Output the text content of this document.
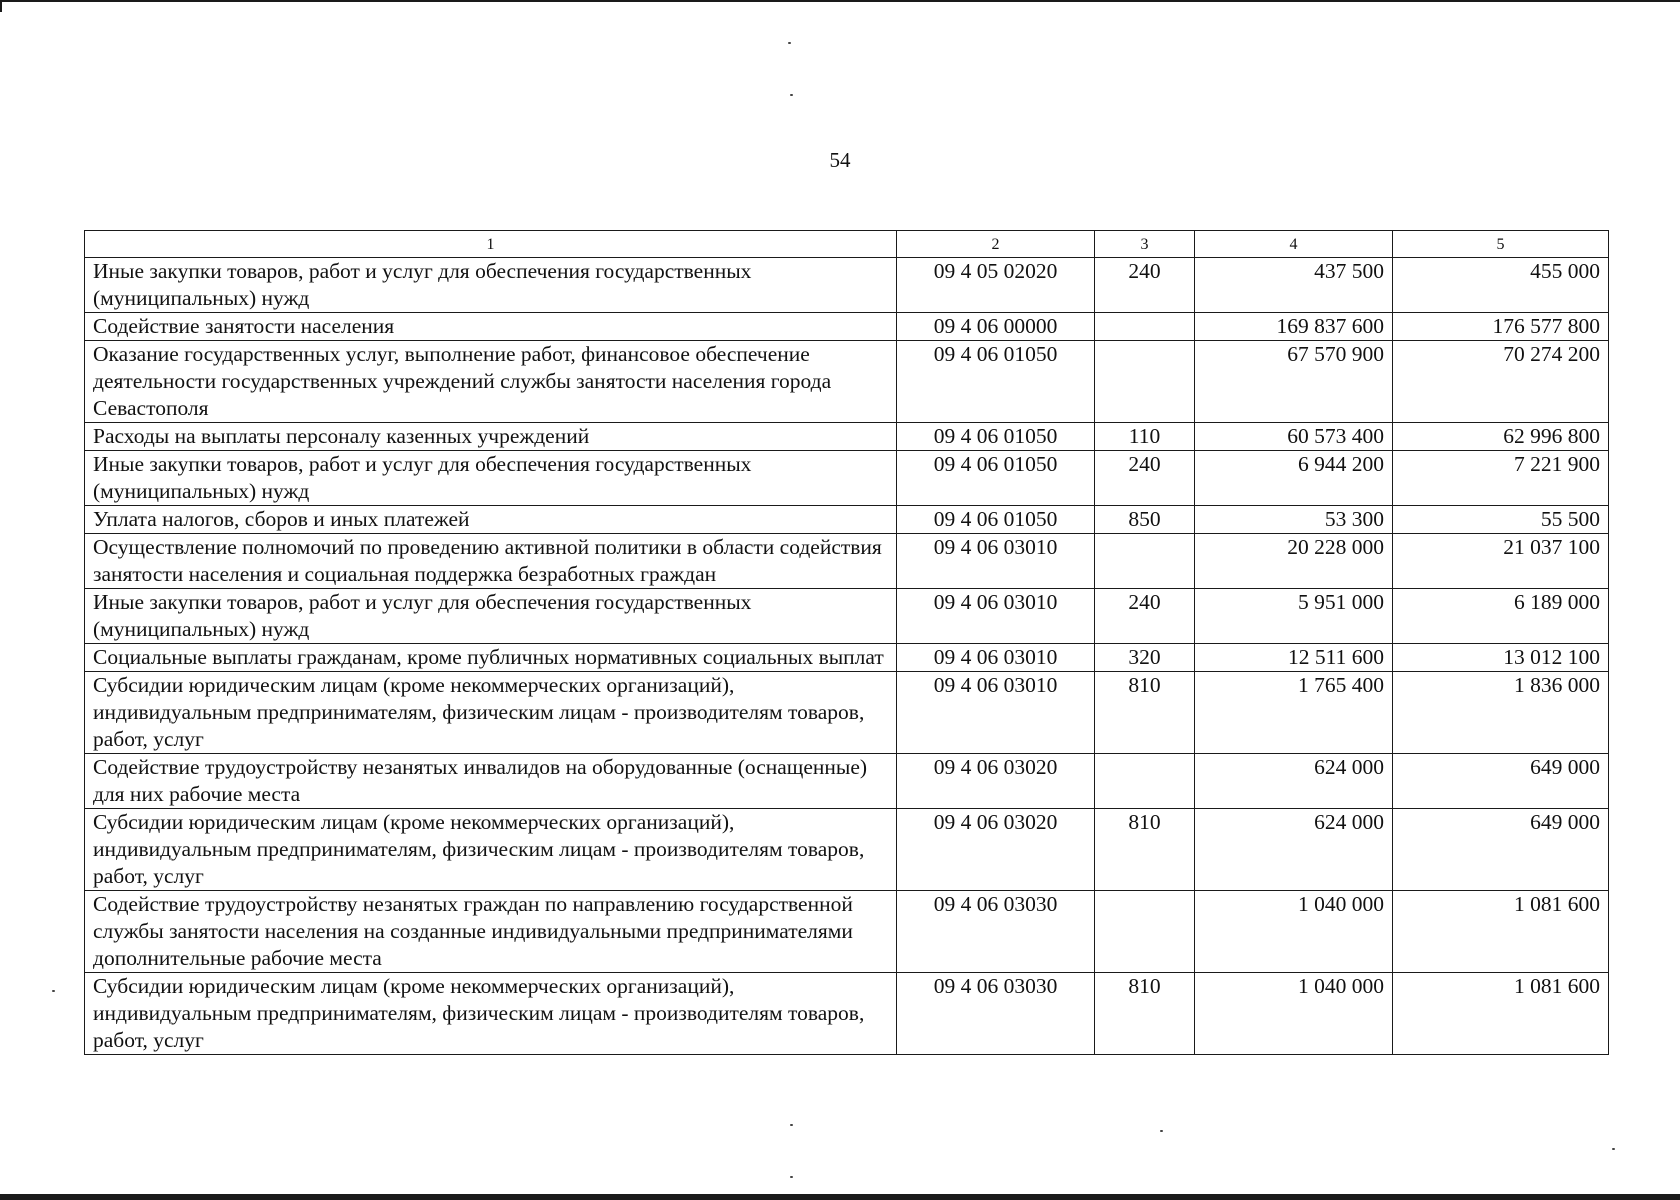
54
1	2	3	4	5
Иные закупки товаров, работ и услуг для обеспечения государственных (муниципальных) нужд	09 4 05 02020	240	437 500	455 000
Содействие занятости населения	09 4 06 00000		169 837 600	176 577 800
Оказание государственных услуг, выполнение работ, финансовое обеспечение деятельности государственных учреждений службы занятости населения города Севастополя	09 4 06 01050		67 570 900	70 274 200
Расходы на выплаты персоналу казенных учреждений	09 4 06 01050	110	60 573 400	62 996 800
Иные закупки товаров, работ и услуг для обеспечения государственных (муниципальных) нужд	09 4 06 01050	240	6 944 200	7 221 900
Уплата налогов, сборов и иных платежей	09 4 06 01050	850	53 300	55 500
Осуществление полномочий по проведению активной политики в области содействия занятости населения и социальная поддержка безработных граждан	09 4 06 03010		20 228 000	21 037 100
Иные закупки товаров, работ и услуг для обеспечения государственных (муниципальных) нужд	09 4 06 03010	240	5 951 000	6 189 000
Социальные выплаты гражданам, кроме публичных нормативных социальных выплат	09 4 06 03010	320	12 511 600	13 012 100
Субсидии юридическим лицам (кроме некоммерческих организаций), индивидуальным предпринимателям, физическим лицам - производителям товаров, работ, услуг	09 4 06 03010	810	1 765 400	1 836 000
Содействие трудоустройству незанятых инвалидов на оборудованные (оснащенные) для них рабочие места	09 4 06 03020		624 000	649 000
Субсидии юридическим лицам (кроме некоммерческих организаций), индивидуальным предпринимателям, физическим лицам - производителям товаров, работ, услуг	09 4 06 03020	810	624 000	649 000
Содействие трудоустройству незанятых граждан по направлению государственной службы занятости населения на созданные индивидуальными предпринимателями дополнительные рабочие места	09 4 06 03030		1 040 000	1 081 600
Субсидии юридическим лицам (кроме некоммерческих организаций), индивидуальным предпринимателям, физическим лицам - производителям товаров, работ, услуг	09 4 06 03030	810	1 040 000	1 081 600
